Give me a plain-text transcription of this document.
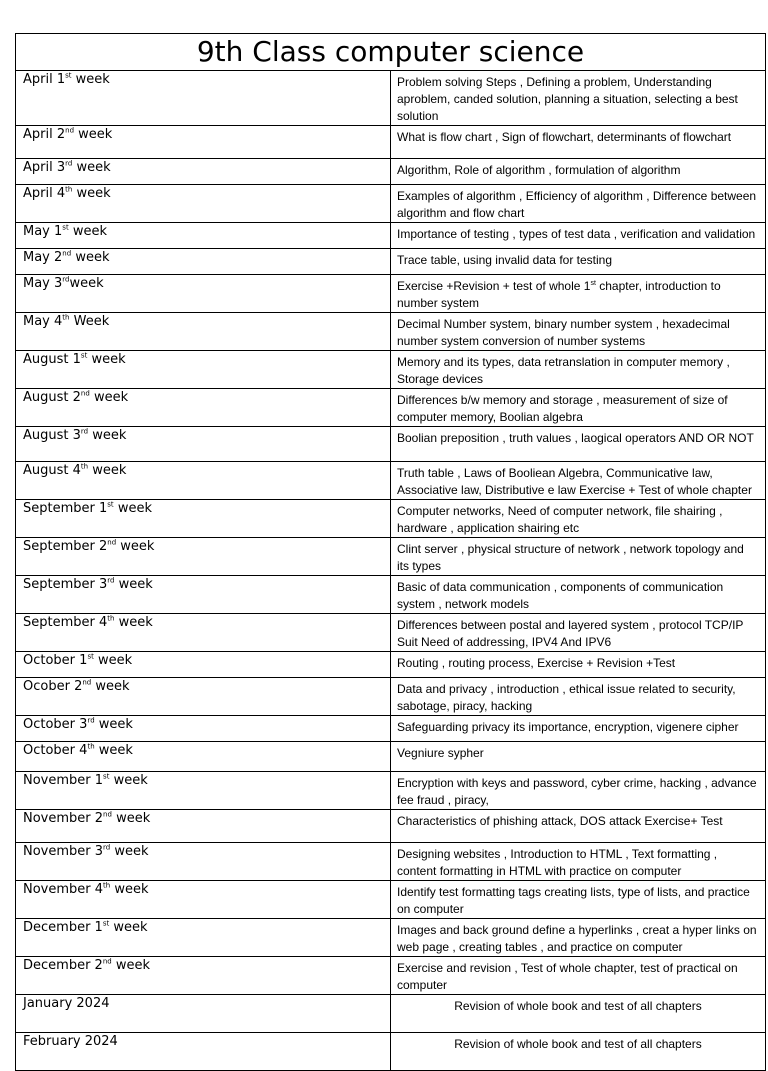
9th Class computer science	
April 1st week	Problem solving Steps , Defining a problem, Understanding aproblem, canded solution, planning a situation, selecting a best solution
April 2nd week	What is flow chart , Sign of flowchart, determinants of flowchart
April 3rd week	Algorithm, Role of algorithm , formulation of algorithm
April 4th week	Examples of algorithm , Efficiency of algorithm , Difference between algorithm and flow chart
May 1st week	Importance of testing , types of test data , verification and validation
May 2nd week	Trace table, using invalid data for testing
May 3rdweek	Exercise +Revision + test of whole 1st chapter, introduction to number system
May 4th Week	Decimal Number system, binary number system , hexadecimal number system conversion of number systems
August 1st week	Memory and its types, data retranslation in computer memory , Storage devices
August 2nd week	Differences b/w memory and storage , measurement of size of computer memory, Boolian algebra
August 3rd week	Boolian preposition , truth values , laogical operators AND OR NOT
August 4th week	Truth table , Laws of Booliean Algebra, Communicative law, Associative law, Distributive e law Exercise + Test of whole chapter
September 1st week	Computer networks, Need of computer network, file shairing , hardware , application shairing etc
September 2nd week	Clint server , physical structure of network , network topology and its types
September 3rd week	Basic of data communication , components of communication system , network models
September 4th week	Differences between postal and layered system , protocol TCP/IP Suit Need of addressing, IPV4 And IPV6
October 1st week	Routing , routing process, Exercise + Revision +Test
Ocober 2nd week	Data and privacy , introduction , ethical issue related to security, sabotage, piracy, hacking
October 3rd week	Safeguarding privacy its importance, encryption, vigenere cipher
October 4th week	Vegniure sypher
November 1st week	Encryption with keys and password, cyber crime, hacking , advance fee fraud , piracy,
November 2nd week	Characteristics of phishing attack, DOS attack Exercise+ Test
November 3rd week	Designing websites , Introduction to HTML , Text formatting , content formatting in HTML with practice on computer
November 4th week	Identify test formatting tags creating lists, type of lists, and practice on computer
December 1st week	Images and back ground define a hyperlinks , creat a hyper links on web page , creating tables , and practice on computer
December 2nd week	Exercise and revision , Test of whole chapter, test of practical on computer
January 2024	Revision of whole book and test of all chapters
February 2024	Revision of whole book and test of all chapters
